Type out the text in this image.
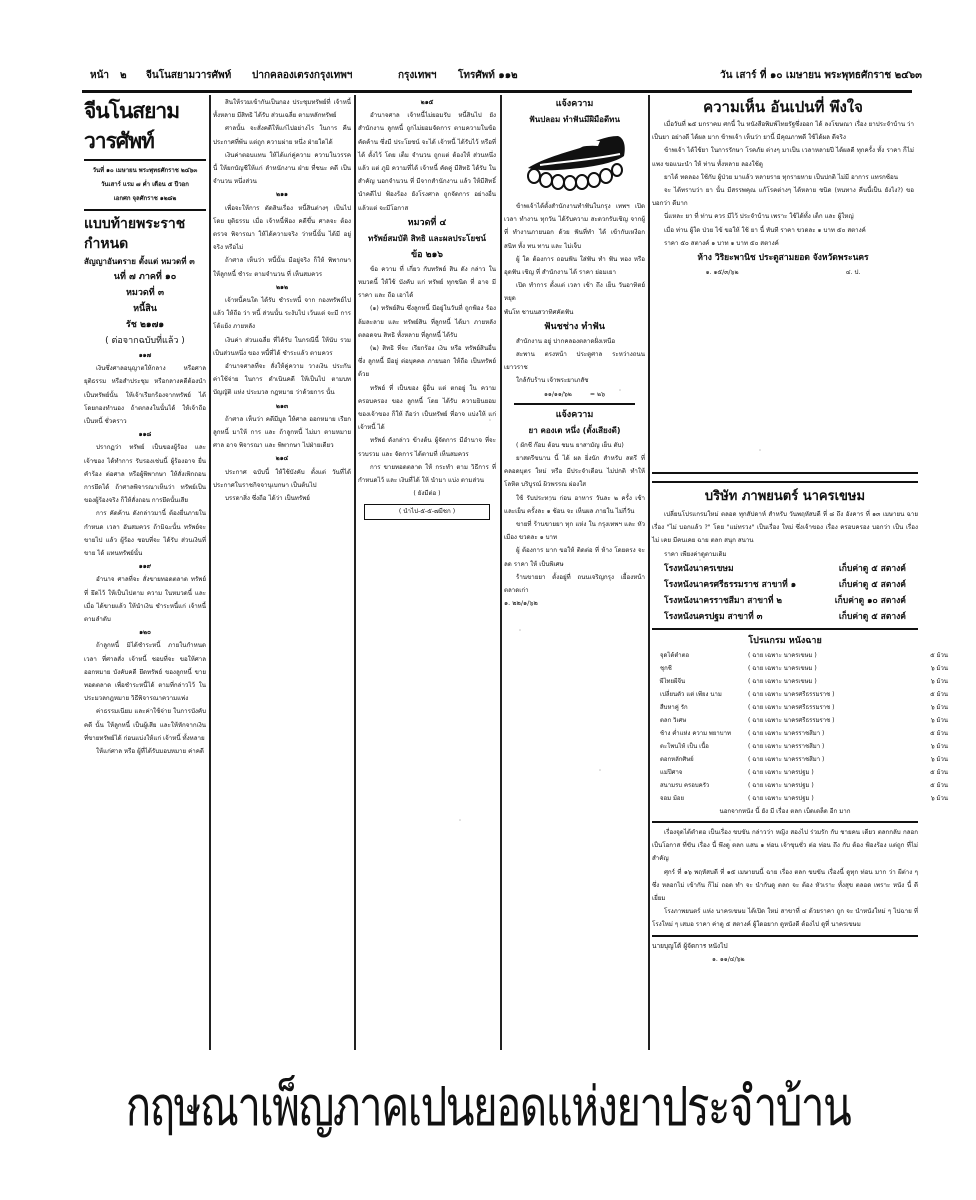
หน้า ๒ จีนโนสยามวารศัพท์ ปากคลองเตรงกรุงเทพฯ	กรุงเทพฯ โทรศัพท์ ๑๑๒	วัน เสาร์ ที่ ๑๐ เมษายน พระพุทธศักราช ๒๔๖๓
จีนโนสยามวารศัพท์
วันที่ ๑๐ เมษายน พระพุทธศักราช ๒๔๖๓
วันเสาร์ แรม ๗ ค่ำ เดือน ๕ ปีวอก
เอกศก จุลศักราช ๑๒๘๒
แบบท้ายพระราชกำหนด
สัญญาอันตราย ตั้งแต่ หมวดที่ ๓
นที่ ๗ ภาคที่ ๑๐
หมวดที่ ๓
หนี้สิน
รัช ๒๑๗๑
( ต่อจากฉบับที่แล้ว )

๑๑๗

เงินซึ่งศาลอนุญาตให้กลาง หรือศาล ยุติธรรม หรือสำประชุม หรือกลางคดีต้องนำ เป็นทรัพย์นั้น ให้เจ้าเรียกร้องจากทรัพย์ ได้ โดยกองทำนอง ถ้าตกลงในนั้นได้ ให้เจ้าถือ เป็นหนี้ ชั่วคราว

๑๑๘

ปรากฏว่า ทรัพย์ เป็นของผู้ร้อง และเจ้าของ ได้ทำการ รับรองเช่นนี้ ผู้ร้องอาจ ยื่นคำร้อง ต่อศาล หรือผู้พิพากษา ให้สั่งเพิกถอนการยึดได้ ถ้าศาลพิจารณาเห็นว่า ทรัพย์เป็นของผู้ร้องจริง ก็ให้สั่งถอน การยึดนั้นเสีย

การ คัดค้าน ดังกล่าวมานี้ ต้องยื่นภายในกำหนด เวลา อันสมควร ถ้ามิฉะนั้น ทรัพย์จะขายไป แล้ว ผู้ร้อง ชอบที่จะ ได้รับ ส่วนเงินที่ขาย ได้ แทนทรัพย์นั้น

๑๑๙

อำนาจ ศาลที่จะ สั่งขายทอดตลาด ทรัพย์ที่ ยึดไว้ ให้เป็นไปตาม ความ ในหมวดนี้ และเมื่อ ได้ขายแล้ว ให้นำเงิน ชำระหนี้แก่ เจ้าหนี้ ตามลำดับ

๑๒๐

ถ้าลูกหนี้ มิได้ชำระหนี้ ภายในกำหนดเวลา ที่ศาลสั่ง เจ้าหนี้ ชอบที่จะ ขอให้ศาล ออกหมาย บังคับคดี ยึดทรัพย์ ของลูกหนี้ ขายทอดตลาด เพื่อชำระหนี้ได้ ตามที่กล่าวไว้ ในประมวลกฎหมาย วิธีพิจารณาความแพ่ง

ค่าธรรมเนียม และค่าใช้จ่าย ในการบังคับคดี นั้น ให้ลูกหนี้ เป็นผู้เสีย และให้หักจากเงิน ที่ขายทรัพย์ได้ ก่อนแบ่งให้แก่ เจ้าหนี้ ทั้งหลาย

ให้แก่ศาล หรือ ผู้ที่ได้รับมอบหมาย ค่าคดี

สินให้รวมเข้ากันเป็นกอง ประชุมทรัพย์ที่ เจ้าหนี้ทั้งหลาย มีสิทธิ ได้รับ ส่วนเฉลี่ย ตามหลักทรัพย์

ศาลนั้น จะสั่งคดีให้แก่ไปอย่างไร ในการ คืนประกาศที่พ้น แต่ถูก ความผ่าย หนึ่ง ฝ่ายใดได้

เงินค่าตอบแทน ให้ได้แก่คู่ความ ความในวรรคนี้ ให้ยกบัญชีให้แก่ ลำหนักงาน ฝ่าย ที่ชนะ คดี เป็นจำนวน หนึ่งส่วน

๒๑๑

เพื่อจะให้การ ตัดสินเรื่อง หนี้สินต่างๆ เป็นไปโดย ยุติธรรม เมื่อ เจ้าหนี้ฟ้อง คดีขึ้น ศาลจะ ต้อง ตรวจ พิจารณา ให้ได้ความจริง ว่าหนี้นั้น ได้มี อยู่จริง หรือไม่

ถ้าศาล เห็นว่า หนี้นั้น มีอยู่จริง ก็ให้ พิพากษา ให้ลูกหนี้ ชำระ ตามจำนวน ที่ เห็นสมควร

๒๑๒

เจ้าหนี้คนใด ได้รับ ชำระหนี้ จาก กองทรัพย์ไป แล้ว ให้ถือ ว่า หนี้ ส่วนนั้น ระงับไป เว้นแต่ จะมี การ โต้แย้ง ภายหลัง

เงินค่า ส่วนเฉลี่ย ที่ได้รับ ในกรณีนี้ ให้นับ รวม เป็นส่วนหนึ่ง ของ หนี้ที่ได้ ชำระแล้ว ตามควร

อำนาจศาลที่จะ สั่งให้คู่ความ วางเงิน ประกัน ค่าใช้จ่าย ในการ ดำเนินคดี ให้เป็นไป ตามบท บัญญัติ แห่ง ประมวล กฎหมาย ว่าด้วยการ นั้น

๒๑๓

ถ้าศาล เห็นว่า คดีมีมูล ให้ศาล ออกหมาย เรียก ลูกหนี้ มาให้ การ และ ถ้าลูกหนี้ ไม่มา ตามหมาย ศาล อาจ พิจารณา และ พิพากษา ไปฝ่ายเดียว

๒๑๔

ประกาศ ฉบับนี้ ให้ใช้บังคับ ตั้งแต่ วันที่ได้ ประกาศในราชกิจจานุเบกษา เป็นต้นไป

บรรดาสิ่ง ซึ่งถือ ได้ว่า เป็นทรัพย์

๒๑๕

อำนาจศาล เจ้าหนี้ไม่ยอมรับ หนี้สินไป ยัง สำนักงาน ลูกหนี้ ถูกไม่ยอมจัดการ ตามความในข้อ คัดค้าน ซึ่งมี ประโยชน์ จะได้ เจ้าหนี้ ได้รับไว้ หรือที่ได้ ตั้งไว้ โดย เต็ม จำนวน ถูกแต่ ต้องให้ ส่วนหนึ่ง แล้ว แต่ ภูมิ ความที่ได้ เจ้าหนี้ คัดคู่ มีสิทธิ ได้รับ ในสำคัญ นอกจำนวน ที่ มีจากสำนักงาน แล้ว ให้มีสิทธิ์ นำคดีไป ฟ้องร้อง ยังโรงศาล ถูกจัดการ อย่างอื่น แล้วแต่ จะมีโอกาส

หมวดที่ ๔
ทรัพย์สมบัติ สิทธิ และผลประโยชน์
ข้อ ๒๑๖

ข้อ ความ ที่ เกี่ยว กับทรัพย์ สิน ดัง กล่าว ใน หมวดนี้ ให้ใช้ บังคับ แก่ ทรัพย์ ทุกชนิด ที่ อาจ มี ราคา และ ถือ เอาได้

(๑) ทรัพย์สิน ซึ่งลูกหนี้ มีอยู่ในวันที่ ถูกฟ้อง ร้องล้มละลาย และ ทรัพย์สิน ที่ลูกหนี้ ได้มา ภายหลัง ตลอดจน สิทธิ ทั้งหลาย ที่ลูกหนี้ ได้รับ

(๒) สิทธิ ที่จะ เรียกร้อง เงิน หรือ ทรัพย์สินอื่น ซึ่ง ลูกหนี้ มีอยู่ ต่อบุคคล ภายนอก ให้ถือ เป็นทรัพย์ ด้วย

ทรัพย์ ที่ เป็นของ ผู้อื่น แต่ ตกอยู่ ใน ความครอบครอง ของ ลูกหนี้ โดย ได้รับ ความยินยอม ของเจ้าของ ก็ให้ ถือว่า เป็นทรัพย์ ที่อาจ แบ่งให้ แก่ เจ้าหนี้ ได้

ทรัพย์ ดังกล่าว ข้างต้น ผู้จัดการ มีอำนาจ ที่จะ รวบรวม และ จัดการ ได้ตามที่ เห็นสมควร

การ ขายทอดตลาด ให้ กระทำ ตาม วิธีการ ที่ กำหนดไว้ และ เงินที่ได้ ให้ นำมา แบ่ง ตามส่วน

( ยังมีต่อ )

( นำไป-๕-๕-๗มีชก )
แจ้งความ
ฟันปลอม ทำฟันมีฝีมือดีทน

ข้าพเจ้าได้ตั้งสำนักงานทำฟันในกรุง เทพฯ เปิด เวลา ทำงาน ทุกวัน ได้รับความ สะดวกรับเชิญ จากผู้ที่ ทำงานภายนอก ด้วย ฟันที่ทำ ได้ เข้ากับเหงือก สนิท ทั้ง ทน ทาน และ ไม่เจ็บ

ผู้ ใด ต้องการ ถอนฟัน ใส่ฟัน ทำ ฟัน ทอง หรือ อุดฟัน เชิญ ที่ สำนักงาน ได้ ราคา ย่อมเยา

เปิด ทำการ ตั้งแต่ เวลา เช้า ถึง เย็น วันอาทิตย์ หยุด

พันโท ชานนสวาทิศคัตฟัน

ฟันชช่าง ทำฟัน

สำนักงาน อยู่ ปากคลองตลาดฝั่งเหนือ

สะพาน ตรงหน้า ประตูศาล ระหว่างถนนเยาวราช

ใกล้กับร้าน เจ้าพระยาเภสัช

๑๑/๑๑/๖๒	= ๒๖
แจ้งความ
ยา คองเต หนึ่ง (ตั้งเสียงดี)

( ผักชี ก๊อม ต้อน ชมน ยาสามัญ เย็น ตับ)

ยาสตรีขนาน นี้ ได้ ผล ยิ่งนัก สำหรับ สตรี ที่ คลอดบุตร ใหม่ หรือ มีประจำเดือน ไม่ปกติ ทำให้ โลหิต บริบูรณ์ ผิวพรรณ ผ่องใส

ใช้ รับประทาน ก่อน อาหาร วันละ ๒ ครั้ง เช้า และเย็น ครั้งละ ๑ ช้อน จะ เห็นผล ภายใน ไม่กี่วัน

ขายที่ ร้านขายยา ทุก แห่ง ใน กรุงเทพฯ และ หัวเมือง ขวดละ ๑ บาท

ผู้ ต้องการ มาก ขอให้ ติดต่อ ที่ ห้าง โดยตรง จะ ลด ราคา ให้ เป็นพิเศษ

ร้านขายยา ตั้งอยู่ที่ ถนนเจริญกรุง เยื้องหน้า ตลาดเก่า

๑. ๒๒/๑/๖๒

ความเห็น อันเปนที่ พึงใจ

เมื่อวันที่ ๒๕ มกราคม ศกนี้ ใน หนังสือพิมพ์ไทยรัฐซึ่งออก ได้ ลงโฆษณา เรื่อง ยาประจำบ้าน ว่า เป็นยา อย่างดี ได้ผล มาก ข้าพเจ้า เห็นว่า ยานี้ มีคุณภาพดี ใช้ได้ผล ดีจริง

ข้าพเจ้า ได้ใช้ยา ในการรักษา โรคภัย ต่างๆ มาเป็น เวลาหลายปี ได้ผลดี ทุกครั้ง ทั้ง ราคา ก็ไม่แพง ขอแนะนำ ให้ ท่าน ทั้งหลาย ลองใช้ดู

ยาได้ ทดลอง ใช้กับ ผู้ป่วย มาแล้ว หลายราย ทุกรายหาย เป็นปกติ ไม่มี อาการ แทรกซ้อน

จะ ได้ทราบว่า ยา นั้น มีสรรพคุณ แก้โรคต่างๆ ได้หลาย ชนิด (หนทาง คืนนี้เป็น ยังไง?) ขอ บอกว่า ดีมาก

นี่แหละ ยา ที่ ท่าน ควร มีไว้ ประจำบ้าน เพราะ ใช้ได้ทั้ง เด็ก และ ผู้ใหญ่

เมื่อ ท่าน ผู้ใด ป่วย ไข้ ขอให้ ใช้ ยา นี้ ทันที ราคา ขวดละ ๑ บาท ๕๐ สตางค์

ราคา ๕๐ สตางค์ ๑ บาท ๑ บาท ๕๐ สตางค์

ห้าง วิริยะพานิช ประตูสามยอด จังหวัดพระนคร
๑. ๑๕/๓/๖๒	๔. ป.
บริษัท ภาพยนตร์ นาครเขษม

เปลี่ยนโปรแกรมใหม่ ตลอด ทุกสัปดาห์ สำหรับ วันพฤหัสบดี ที่ ๘ ถึง อังคาร ที่ ๑๓ เมษายน ฉาย เรื่อง "ไม่ บอกแล้ว ?" โดย "แม่ทรวง" เป็นเรื่อง ใหม่ ซึ่งเจ้าของ เรื่อง ครอบครอง บอกว่า เป็น เรื่อง ไม่ เคย มีคนเคย ฉาย ตลก สนุก สนาน

ราคา เพียงค่าดูตามเดิม

โรงหนังนาครเขษม	เก็บค่าดู ๕ สตางค์
โรงหนังนาครศรีธรรมราช สาขาที่ ๑	เก็บค่าดู ๕ สตางค์
โรงหนังนาครราชสีมา สาขาที่ ๒	เก็บค่าดู ๑๐ สตางค์
โรงหนังนครปฐม สาขาที่ ๓	เก็บค่าดู ๕ สตางค์
โปรแกรม หนังฉาย
จุดไต้ตำตอ	( ฉาย เฉพาะ นาครเขษม )	๕ ม้วน
ชุกชี	( ฉาย เฉพาะ นาครเขษม )	๖ ม้วน
ผีไทยผีจีน	( ฉาย เฉพาะ นาครเขษม )	๖ ม้วน
เปลี่ยนตัว แต่ เพียง นาม	( ฉาย เฉพาะ นาครศรีธรรมราช )	๕ ม้วน
สืบหาคู่ รัก	( ฉาย เฉพาะ นาครศรีธรรมราช )	๖ ม้วน
ตลก วิเศษ	( ฉาย เฉพาะ นาครศรีธรรมราช )	๖ ม้วน
ช้าง ค่ำแห่ง ความ พยาบาท	( ฉาย เฉพาะ นาครราชสีมา )	๕ ม้วน
ตะโพนไห้ เป็น เนื้อ	( ฉาย เฉพาะ นาครราชสีมา )	๖ ม้วน
ตอกหลักศิษย์	( ฉาย เฉพาะ นาครราชสีมา )	๖ ม้วน
แม่ปีศาจ	( ฉาย เฉพาะ นาครปฐม )	๕ ม้วน
สนามรบ ครอบครัว	( ฉาย เฉพาะ นาครปฐม )	๕ ม้วน
จอม ม้อย	( ฉาย เฉพาะ นาครปฐม )	๖ ม้วน

นอกจากหนัง นี้ ยัง มี เรื่อง ตลก เบ็ดเตล็ด อีก มาก

เรื่องจุดไต้ตำตอ เป็นเรื่อง ขบขัน กล่าวว่า หญิง สองไป ร่วมรัก กับ ชายคน เดียว ตลกกลับ กลอก เป็นโอกาส ที่ขัน เรื่อง นี้ พึงดู ตลก แสน ๑ ท่อน เจ้าขุนชั่ว ต่อ ท่อน ถึง กับ ต้อง ฟ้องร้อง แต่ถูก ที่ไม่ สำคัญ

ศุกร์ ที่ ๑๖ พฤหัสบดี ที่ ๑๕ เมษายนนี้ ฉาย เรื่อง ตลก ขบขัน เรื่องนี้ ดูทุก ท่อน มาก ว่า ผีต่าง ๆ ซึ่ง หลอกไม่ เข้ากัน ก็ไม่ ถอด ทำ จะ นำกันดู ตลก จะ ต้อง หัวเราะ ทั้งสุข ตลอด เพราะ หนัง นี้ ดีเยี่ยม

โรงภาพยนตร์ แห่ง นาครเขษม ได้เปิด ใหม่ สาขาที่ ๔ ด้วยราคา ถูก จะ นำหนังใหม่ ๆ ไปฉาย ที่ โรงใหม่ ๆ เสมอ ราคา ค่าดู ๕ สตางค์ ผู้ใดอยาก ดูหนังดี ต้องไป ดูที่ นาครเขษม

นายบุญโต้ ผู้จัดการ หนังไป

๑. ๑๑/๔/๖๒

กฤษณาเพ็ญภาคเปนยอดแห่งยาประจำบ้าน
